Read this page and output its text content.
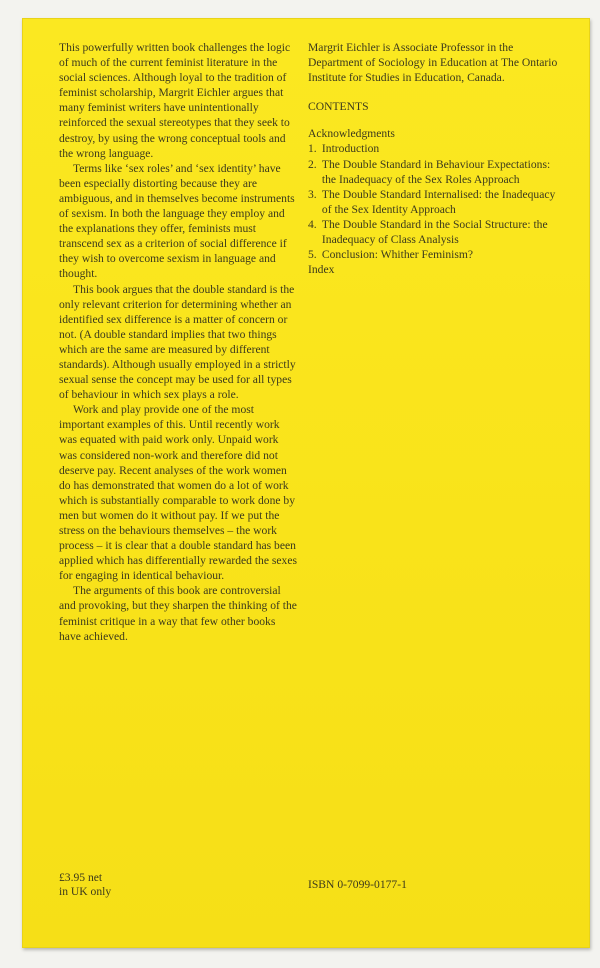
This powerfully written book challenges the logic of much of the current feminist literature in the social sciences. Although loyal to the tradition of feminist scholarship, Margrit Eichler argues that many feminist writers have unintentionally reinforced the sexual stereotypes that they seek to destroy, by using the wrong conceptual tools and the wrong language.

Terms like ‘sex roles’ and ‘sex identity’ have been especially distorting because they are ambiguous, and in themselves become instruments of sexism. In both the language they employ and the explanations they offer, feminists must transcend sex as a criterion of social difference if they wish to overcome sexism in language and thought.

This book argues that the double standard is the only relevant criterion for determining whether an identified sex difference is a matter of concern or not. (A double standard implies that two things which are the same are measured by different standards). Although usually employed in a strictly sexual sense the concept may be used for all types of behaviour in which sex plays a role.

Work and play provide one of the most important examples of this. Until recently work was equated with paid work only. Unpaid work was considered non-work and therefore did not deserve pay. Recent analyses of the work women do has demonstrated that women do a lot of work which is substantially comparable to work done by men but women do it without pay. If we put the stress on the behaviours themselves – the work process – it is clear that a double standard has been applied which has differentially rewarded the sexes for engaging in identical behaviour.

The arguments of this book are controversial and provoking, but they sharpen the thinking of the feminist critique in a way that few other books have achieved.

Margrit Eichler is Associate Professor in the Department of Sociology in Education at The Ontario Institute for Studies in Education, Canada.

CONTENTS

Acknowledgments
1. Introduction
2. The Double Standard in Behaviour Expectations: the Inadequacy of the Sex Roles Approach
3. The Double Standard Internalised: the Inadequacy of the Sex Identity Approach
4. The Double Standard in the Social Structure: the Inadequacy of Class Analysis
5. Conclusion: Whither Feminism?
Index
£3.95 net
in UK only
ISBN 0-7099-0177-1
